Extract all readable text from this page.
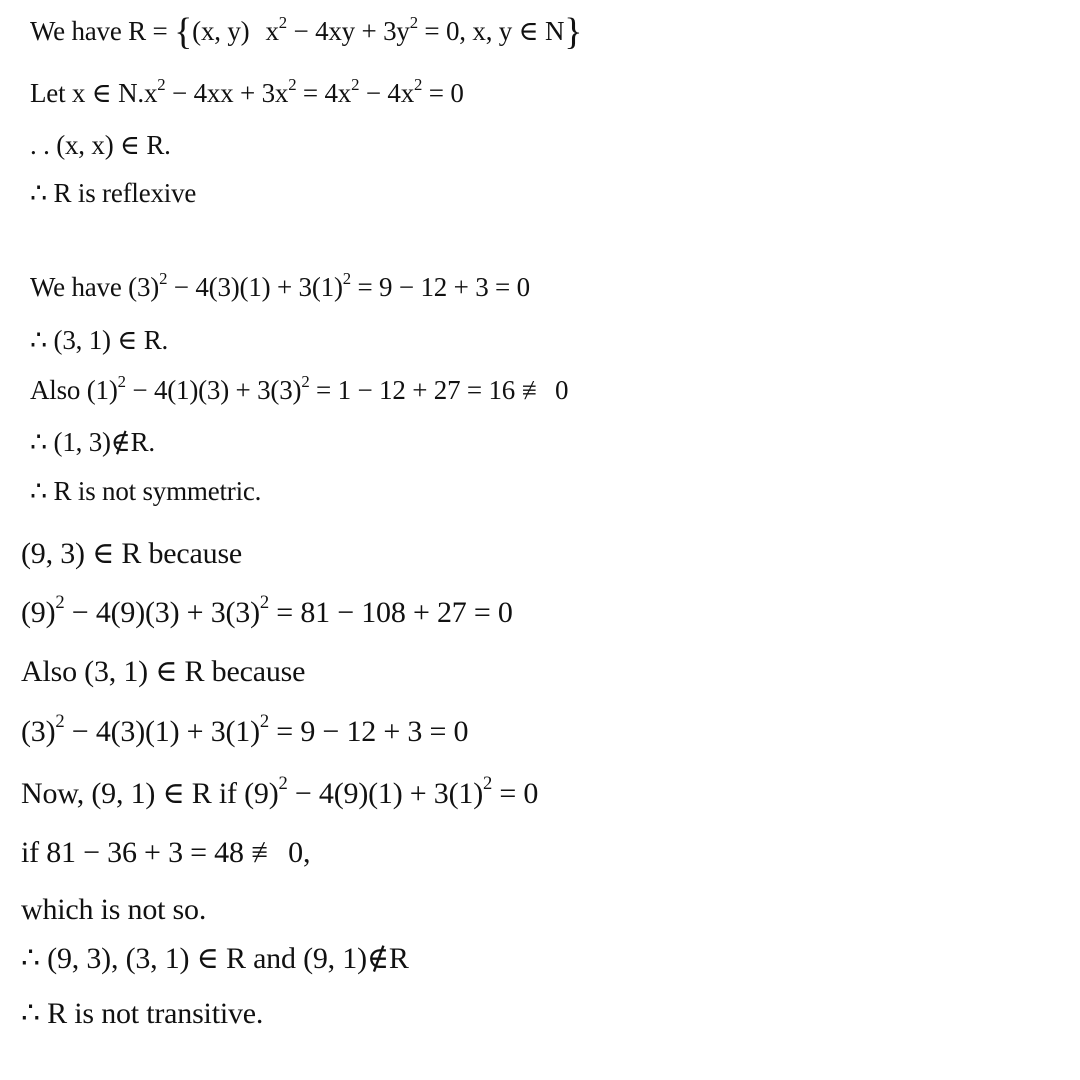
We have R = {(x, y) $x^2 - 4xy + 3y^2 = 0$, x, y ∈ N}
Let x ∈ $N.x^2 - 4xx + 3x^2 = 4x^2 - 4x^2 = 0$
. . (x, x) ∈ R.
∴ R is reflexive
We have $(3)^2 - 4(3)(1) + 3(1)^2 = 9 - 12 + 3 = 0$
∴ (3, 1) ∈ R.
Also $(1)^2 - 4(1)(3) + 3(3)^2 = 1 - 12 + 27 = 16$ ≢ 0
∴ (1, 3)∉R.
∴ R is not symmetric.
(9, 3) ∈ R because
$(9)^2 - 4(9)(3) + 3(3)^2 = 81 - 108 + 27 = 0$
Also (3, 1) ∈ R because
$(3)^2 - 4(3)(1) + 3(1)^2 = 9 - 12 + 3 = 0$
Now, (9, 1) ∈ R if $(9)^2 - 4(9)(1) + 3(1)^2 = 0$
if 81 − 36 + 3 = 48 ≢ 0,
which is not so.
∴ (9, 3), (3, 1) ∈ R and (9, 1)∉R
∴ R is not transitive.
